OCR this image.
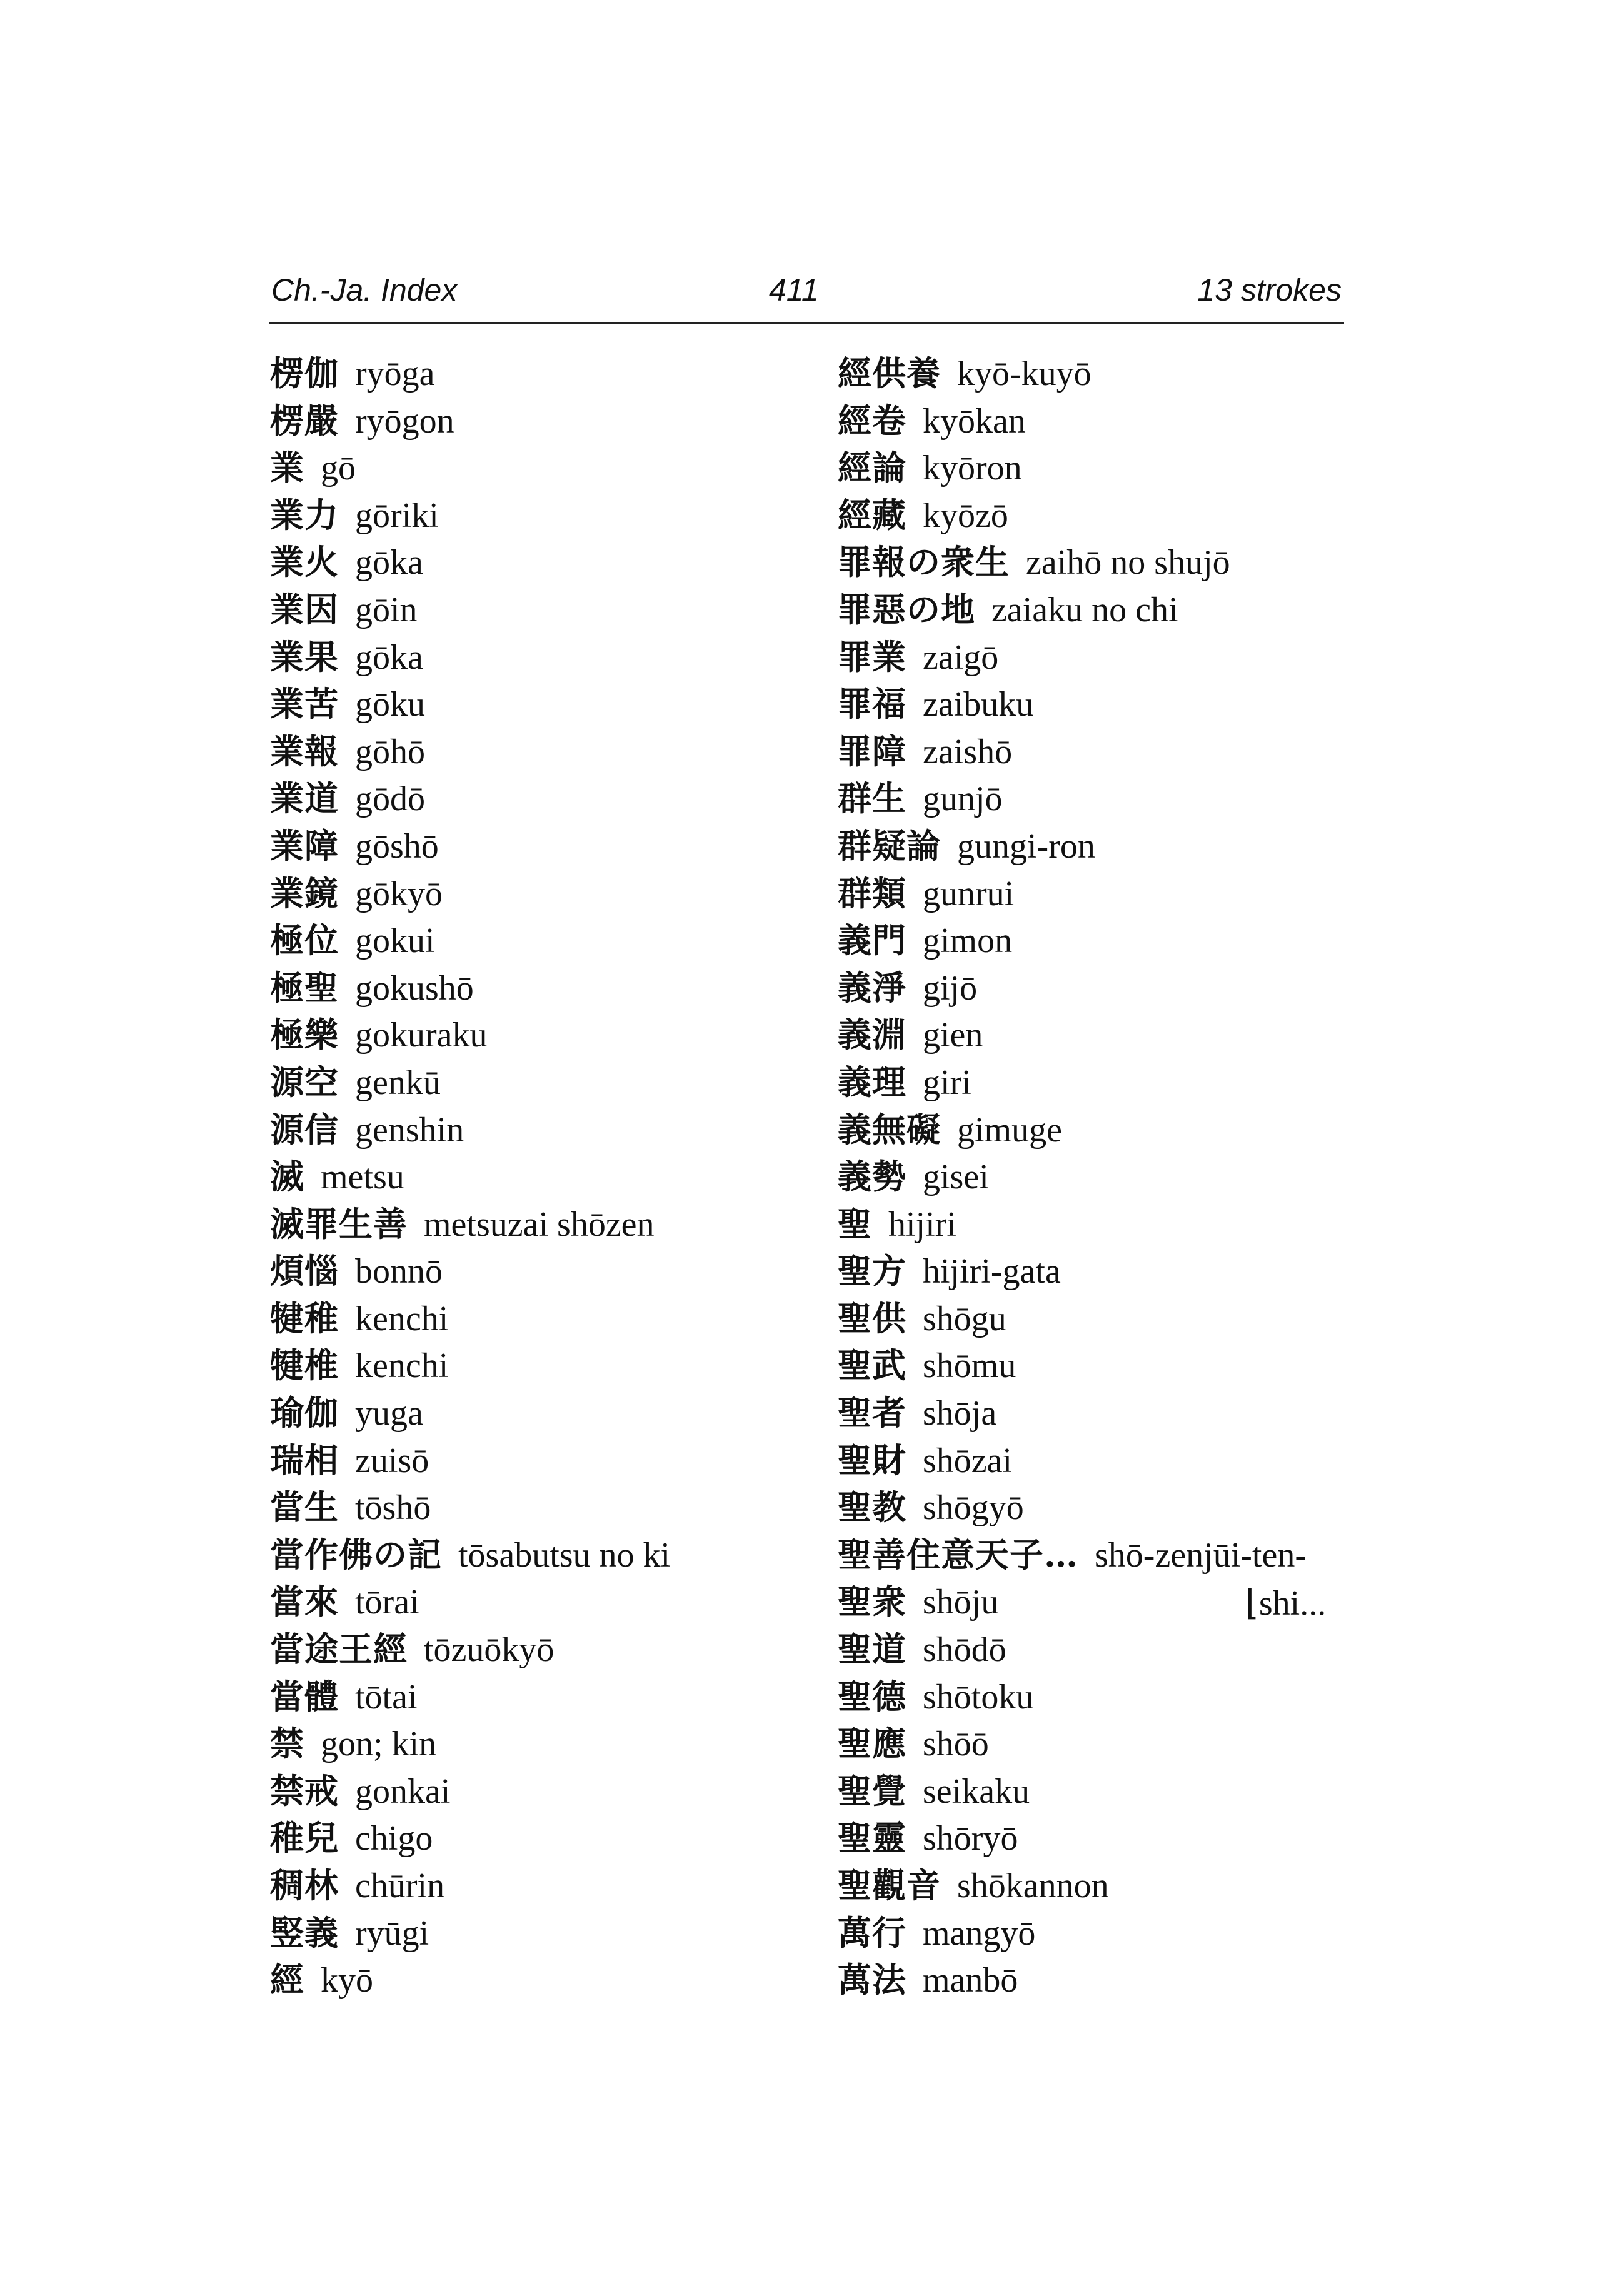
Ch.-Ja. Index	411	13 strokes
楞伽 ryōga
楞嚴 ryōgon
業 gō
業力 gōriki
業火 gōka
業因 gōin
業果 gōka
業苦 gōku
業報 gōhō
業道 gōdō
業障 gōshō
業鏡 gōkyō
極位 gokui
極聖 gokushō
極樂 gokuraku
源空 genkū
源信 genshin
滅 metsu
滅罪生善 metsuzai shōzen
煩惱 bonnō
犍稚 kenchi
犍椎 kenchi
瑜伽 yuga
瑞相 zuisō
當生 tōshō
當作佛の記 tōsabutsu no ki
當來 tōrai
當途王經 tōzuōkyō
當體 tōtai
禁 gon; kin
禁戒 gonkai
稚兒 chigo
稠林 chūrin
竪義 ryūgi
經 kyō
經供養 kyō-kuyō
經卷 kyōkan
經論 kyōron
經藏 kyōzō
罪報の衆生 zaihō no shujō
罪惡の地 zaiaku no chi
罪業 zaigō
罪福 zaibuku
罪障 zaishō
群生 gunjō
群疑論 gungi-ron
群類 gunrui
義門 gimon
義淨 gijō
義淵 gien
義理 giri
義無礙 gimuge
義勢 gisei
聖 hijiri
聖方 hijiri-gata
聖供 shōgu
聖武 shōmu
聖者 shōja
聖財 shōzai
聖教 shōgyō
聖善住意天子… shō-zenjūi-ten-
聖衆 shōju
聖道 shōdō
聖德 shōtoku
聖應 shōō
聖覺 seikaku
聖靈 shōryō
聖觀音 shōkannon
萬行 mangyō
萬法 manbō
⌊shi...
